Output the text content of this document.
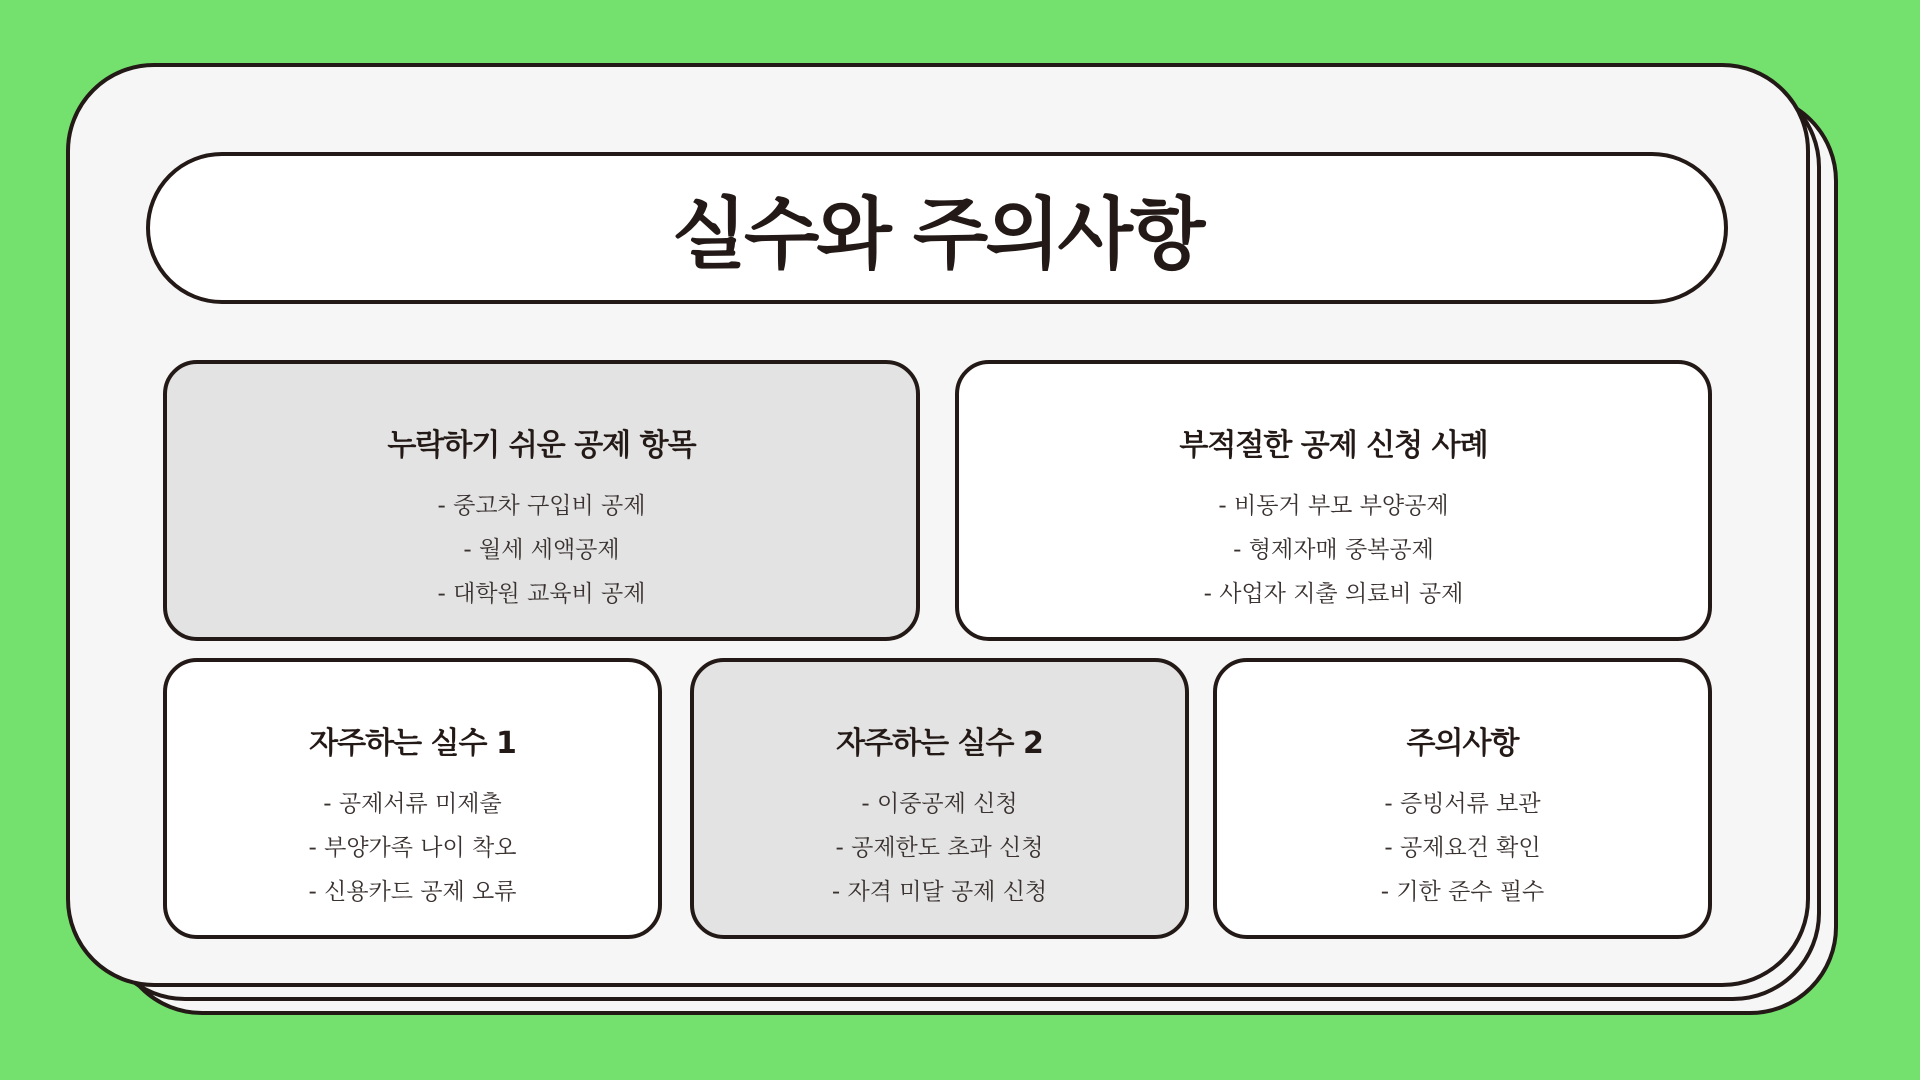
실수와 주의사항
누락하기 쉬운 공제 항목
- 중고차 구입비 공제
- 월세 세액공제
- 대학원 교육비 공제
부적절한 공제 신청 사례
- 비동거 부모 부양공제
- 형제자매 중복공제
- 사업자 지출 의료비 공제
자주하는 실수 1
- 공제서류 미제출
- 부양가족 나이 착오
- 신용카드 공제 오류
자주하는 실수 2
- 이중공제 신청
- 공제한도 초과 신청
- 자격 미달 공제 신청
주의사항
- 증빙서류 보관
- 공제요건 확인
- 기한 준수 필수
